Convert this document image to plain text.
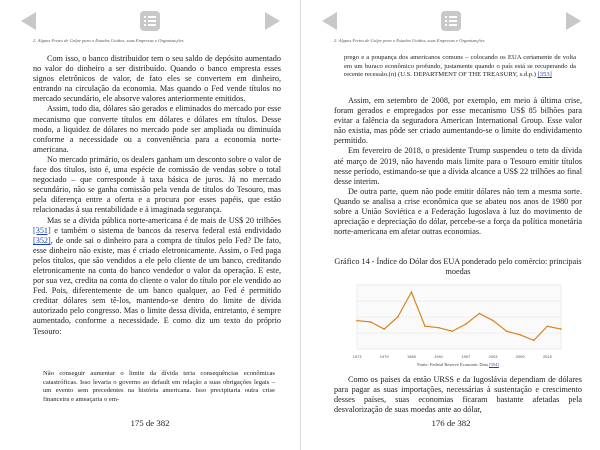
2. Alguns Fretes de Golpe para o Estados Unidos, suas Empresas e Organizações

Com isso, o banco distribuidor tem o seu saldo de depósito aumentado no valor do dinheiro a ser distribuído. Quando o banco empresta esses signos eletrônicos de valor, de fato eles se convertem em dinheiro, entrando na circulação da economia. Mas quando o Fed vende títulos no mercado secundário, ele absorve valores anteriormente emitidos.

Assim, todo dia, dólares são gerados e eliminados do mercado por esse mecanismo que converte títulos em dólares e dólares em títulos. Desse modo, a liquidez de dólares no mercado pode ser ampliada ou diminuída conforme a necessidade ou a conveniência para a economia norte-americana.

No mercado primário, os dealers ganham um desconto sobre o valor de face dos títulos, isto é, uma espécie de comissão de vendas sobre o total negociado – que corresponde à taxa básica de juros. Já no mercado secundário, não se ganha comissão pela venda de títulos do Tesouro, mas pela diferença entre a oferta e a procura por esses papéis, que estão relacionadas à sua rentabilidade e à imaginada segurança.

Mas se a dívida pública norte-americana é de mais de US$ 20 trilhões [351] e também o sistema de bancos da reserva federal está endividado [352], de onde sai o dinheiro para a compra de títulos pelo Fed? De fato, esse dinheiro não existe, mas é criado eletronicamente. Assim, o Fed paga pelos títulos, que são vendidos a ele pelo cliente de um banco, creditando eletronicamente na conta do banco vendedor o valor da operação. E este, por sua vez, credita na conta do cliente o valor do título por ele vendido ao Fed. Pois, diferentemente de um banco qualquer, ao Fed é permitido creditar dólares sem tê-los, mantendo-se dentro do limite de dívida autorizado pelo congresso. Mas o limite dessa dívida, entretanto, é sempre aumentado, conforme a necessidade. E como diz um texto do próprio Tesouro:

Não conseguir aumentar o limite da dívida teria consequências econômicas catastróficas. Isso levaria o governo ao default em relação a suas obrigações legais – um evento sem precedentes na história americana. Isso precipitaria outra crise financeira e ameaçaria o em-
175 de 382
2. Alguns Fretes de Golpe para o Estados Unidos, suas Empresas e Organizações
prego e a poupança dos americanos comuns – colocando os EUA certamente de volta em um buraco econômico profundo, justamente quando o país está se recuperando da recente recessão.(n) (U.S. DEPARTMENT OF THE TREASURY, s.d.p.) [353]

Assim, em setembro de 2008, por exemplo, em meio à última crise, foram gerados e empregados por esse mecanismo US$ 85 bilhões para evitar a falência da seguradora American International Group. Esse valor não existia, mas pôde ser criado aumentando-se o limite do endividamento permitido.

Em fevereiro de 2018, o presidente Trump suspendeu o teto da dívida até março de 2019, não havendo mais limite para o Tesouro emitir títulos nesse período, estimando-se que a dívida alcance a US$ 22 trilhões ao final desse interim.

De outra parte, quem não pode emitir dólares não tem a mesma sorte. Quando se analisa a crise econômica que se abateu nos anos de 1980 por sobre a União Soviética e a Federação Iugoslava à luz do movimento de apreciação e depreciação do dólar, percebe-se a força da política monetária norte-americana em afetar outras economias.

Gráfico 14 - Índice do Dólar dos EUA ponderado pelo comércio: principais moedas
1973	1979	1985	1991	1997	2003	2009	2015
Fonte: Federal Reserve Economic Data [354]

Como os países da então URSS e da Iugoslávia dependiam de dólares para pagar as suas importações, necessárias à sustentação e crescimento desses países, suas economias ficaram bastante afetadas pela desvalorização de suas moedas ante ao dólar,

176 de 382
